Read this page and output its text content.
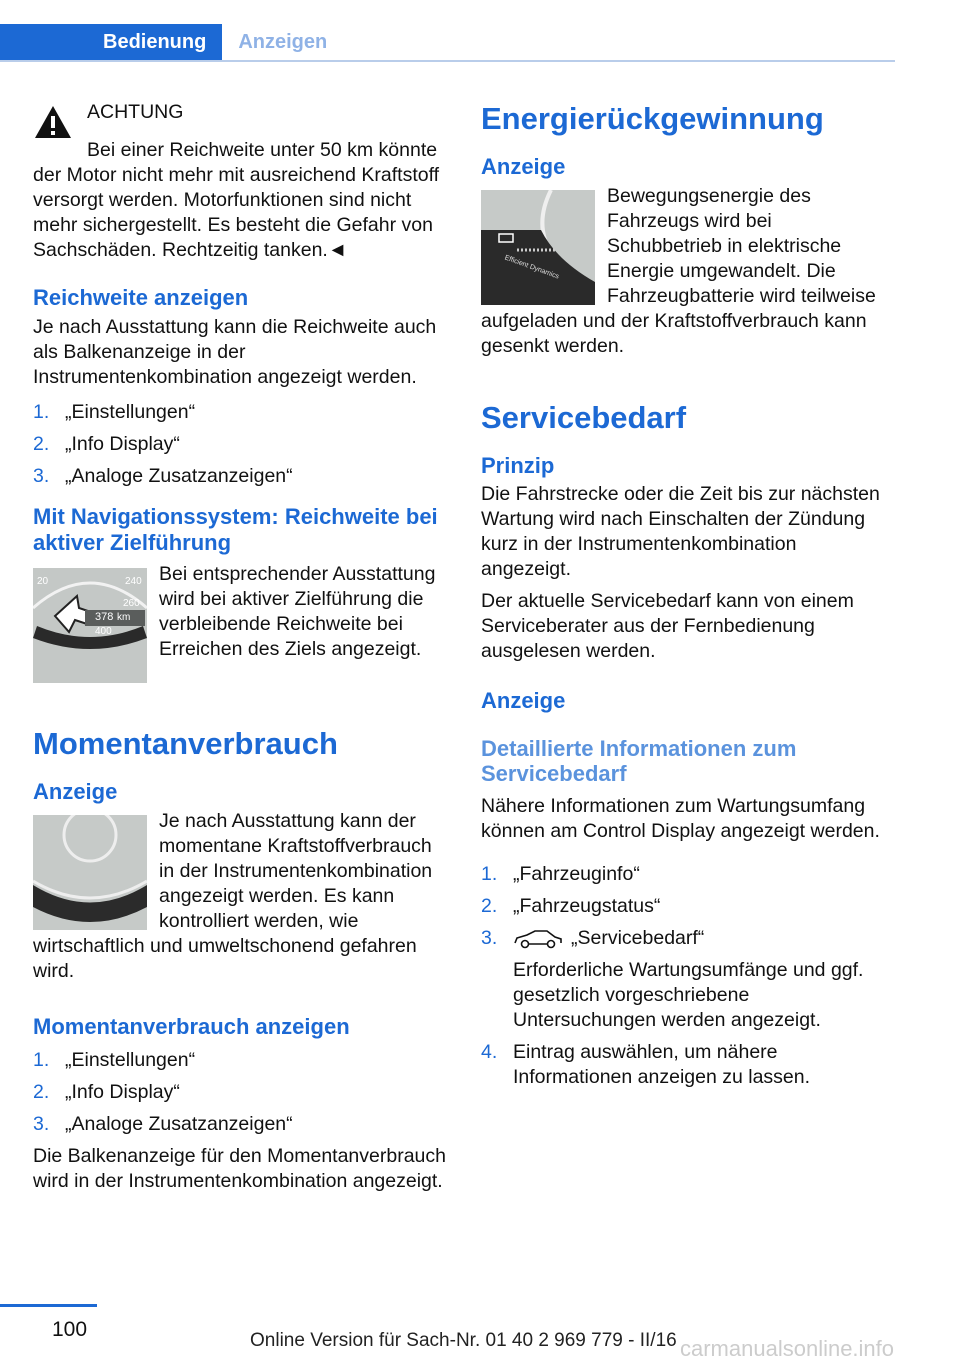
Bedienung	Anzeigen

ACHTUNG

Bei einer Reichweite unter 50 km könnte der Motor nicht mehr mit ausreichend Kraftstoff versorgt werden. Motorfunktionen sind nicht mehr sichergestellt. Es besteht die Gefahr von Sachschäden. Rechtzeitig tanken.◄

Reichweite anzeigen

Je nach Ausstattung kann die Reichweite auch als Balkenanzeige in der Instrumentenkombination angezeigt werden.

1. „Einstellungen“
2. „Info Display“
3. „Analoge Zusatzanzeigen“
Mit Navigationssystem: Reichweite bei aktiver Zielführung
20	240
260
378 km
400

Bei entsprechender Ausstattung wird bei aktiver Zielführung die verbleibende Reichweite bei Erreichen des Ziels angezeigt.

Momentanverbrauch
Anzeige

Je nach Ausstattung kann der momentane Kraftstoffverbrauch in der Instrumentenkombination angezeigt werden. Es kann kontrolliert werden, wie wirtschaftlich und umweltschonend gefahren wird.

Momentanverbrauch anzeigen
1. „Einstellungen“
2. „Info Display“
3. „Analoge Zusatzanzeigen“

Die Balkenanzeige für den Momentanverbrauch wird in der Instrumentenkombination angezeigt.

Energierückgewinnung
Anzeige
Efficient Dynamics

Bewegungsenergie des Fahrzeugs wird bei Schubbetrieb in elektrische Energie umgewandelt. Die Fahrzeugbatterie wird teilweise aufgeladen und der Kraftstoffverbrauch kann gesenkt werden.

Servicebedarf
Prinzip

Die Fahrstrecke oder die Zeit bis zur nächsten Wartung wird nach Einschalten der Zündung kurz in der Instrumentenkombination angezeigt.

Der aktuelle Servicebedarf kann von einem Serviceberater aus der Fernbedienung ausgelesen werden.

Anzeige
Detaillierte Informationen zum Servicebedarf

Nähere Informationen zum Wartungsumfang können am Control Display angezeigt werden.

1. „Fahrzeuginfo“
2. „Fahrzeugstatus“
3.	„Servicebedarf“
Erforderliche Wartungsumfänge und ggf. gesetzlich vorgeschriebene Untersuchungen werden angezeigt.
4. Eintrag auswählen, um nähere Informationen anzeigen zu lassen.
100	Online Version für Sach-Nr. 01 40 2 969 779 - II/16 carmanualsonline.info
